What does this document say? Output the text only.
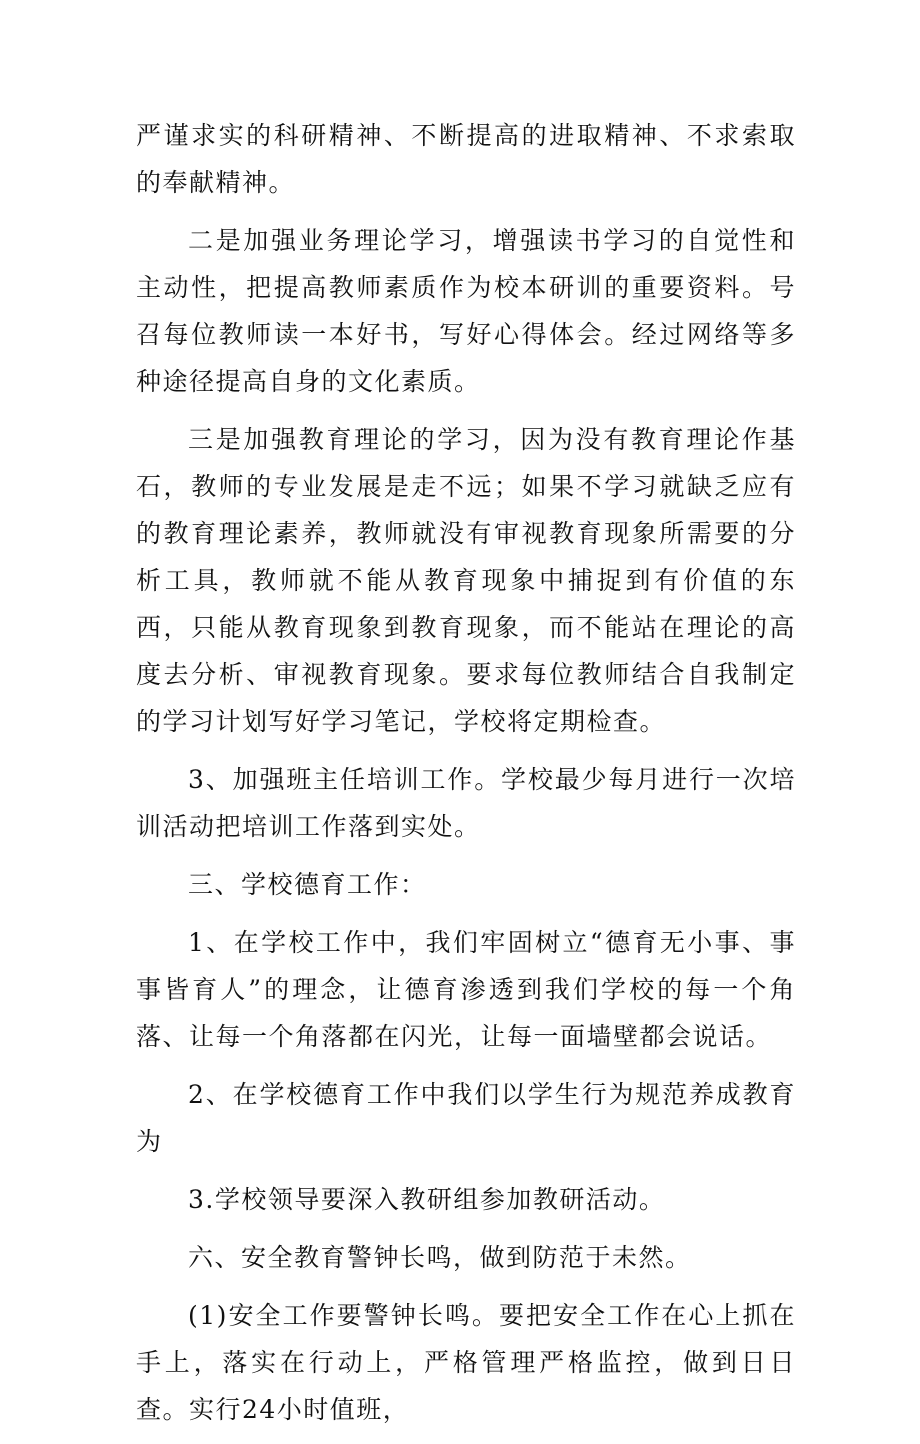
严谨求实的科研精神、不断提高的进取精神、不求索取的奉献精神。

二是加强业务理论学习，增强读书学习的自觉性和主动性，把提高教师素质作为校本研训的重要资料。号召每位教师读一本好书，写好心得体会。经过网络等多种途径提高自身的文化素质。

三是加强教育理论的学习，因为没有教育理论作基石，教师的专业发展是走不远；如果不学习就缺乏应有的教育理论素养，教师就没有审视教育现象所需要的分析工具，教师就不能从教育现象中捕捉到有价值的东西，只能从教育现象到教育现象，而不能站在理论的高度去分析、审视教育现象。要求每位教师结合自我制定的学习计划写好学习笔记，学校将定期检查。

3、加强班主任培训工作。学校最少每月进行一次培训活动把培训工作落到实处。

三、学校德育工作：

1、在学校工作中，我们牢固树立“德育无小事、事事皆育人”的理念，让德育渗透到我们学校的每一个角落、让每一个角落都在闪光，让每一面墙壁都会说话。

2、在学校德育工作中我们以学生行为规范养成教育为

3.学校领导要深入教研组参加教研活动。

六、安全教育警钟长鸣，做到防范于未然。

(1)安全工作要警钟长鸣。要把安全工作在心上抓在手上，落实在行动上，严格管理严格监控，做到日日查。实行24小时值班，
